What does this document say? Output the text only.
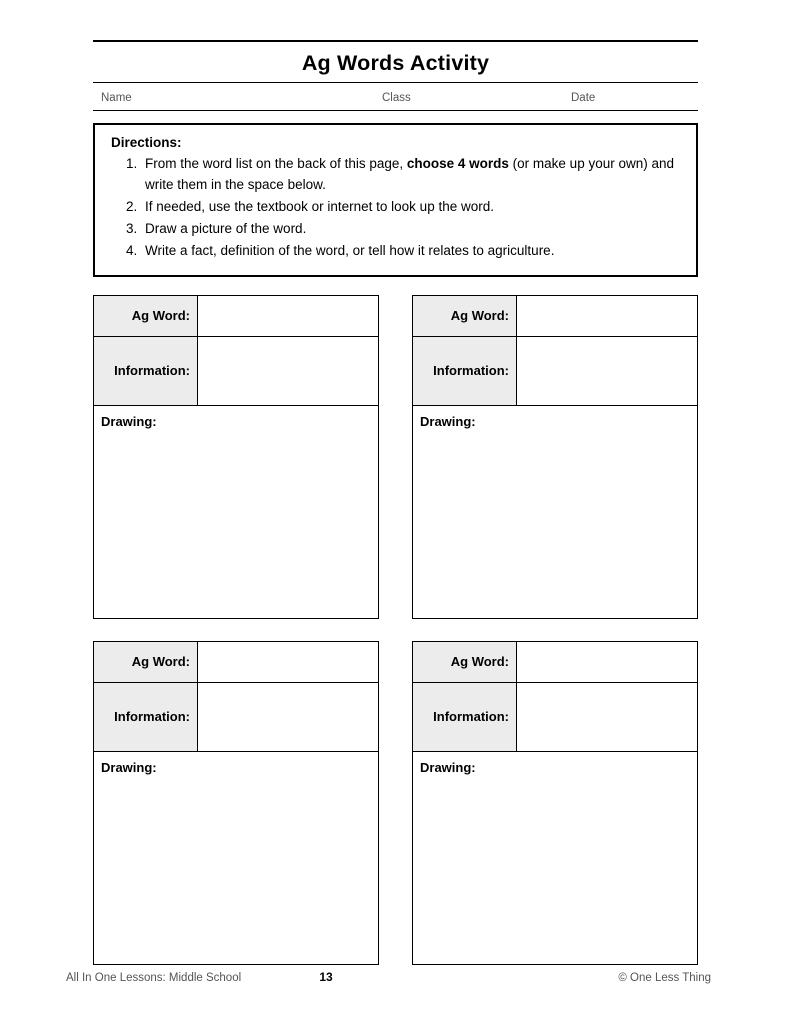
Ag Words Activity
Name	Class	Date
Directions:
1. From the word list on the back of this page, choose 4 words (or make up your own) and write them in the space below.
2. If needed, use the textbook or internet to look up the word.
3. Draw a picture of the word.
4. Write a fact, definition of the word, or tell how it relates to agriculture.
Ag Word:
Information:
Drawing:
Ag Word:
Information:
Drawing:
Ag Word:
Information:
Drawing:
Ag Word:
Information:
Drawing:
All In One Lessons: Middle School	13	© One Less Thing
